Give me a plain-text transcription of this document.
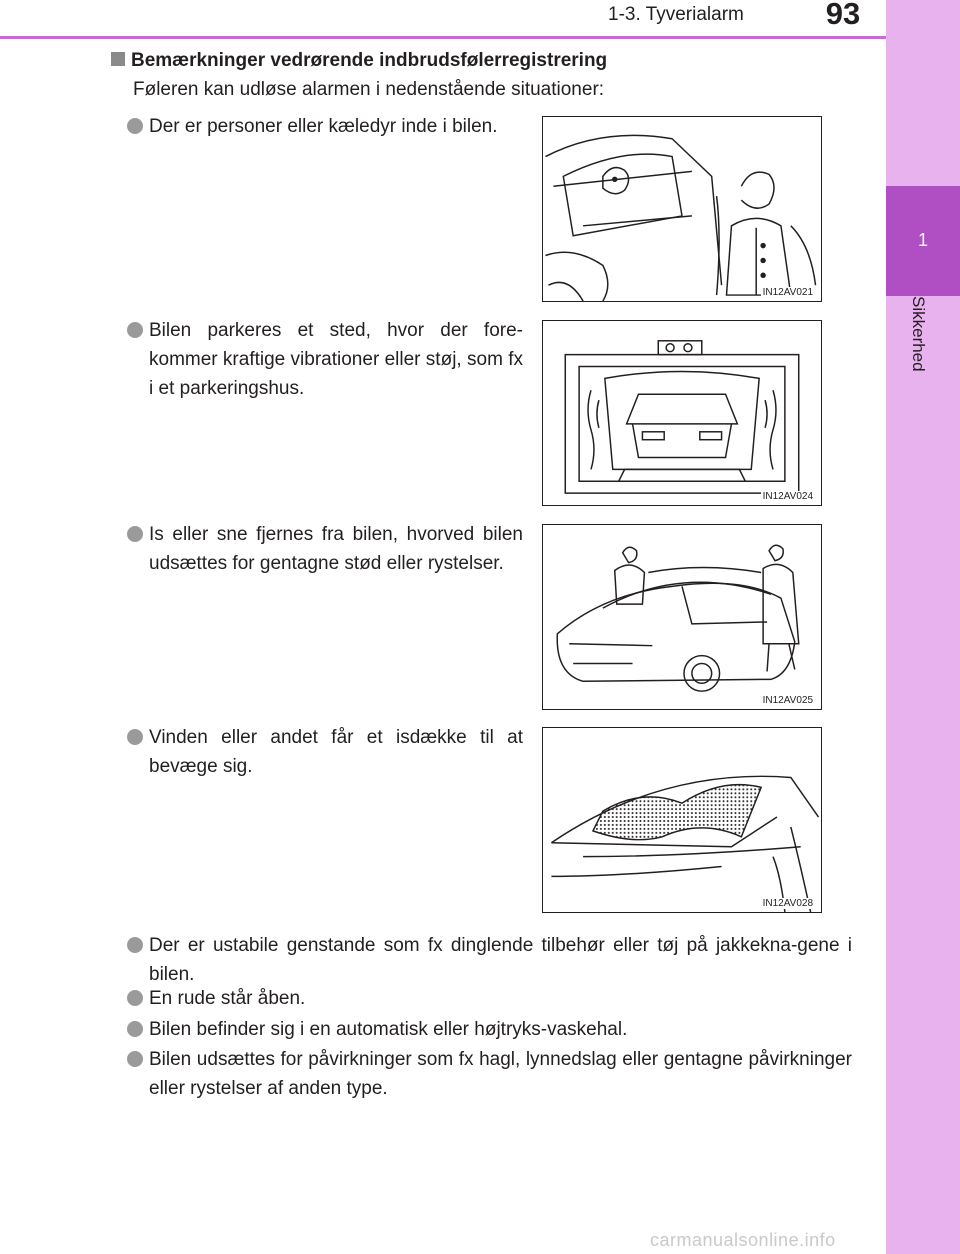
1-3. Tyverialarm	93
1
Sikkerhed
Bemærkninger vedrørende indbrudsfølerregistrering
Føleren kan udløse alarmen i nedenstående situationer:
Der er personer eller kæledyr inde i bilen.
IN12AV021
Bilen parkeres et sted, hvor der fore-kommer kraftige vibrationer eller støj, som fx i et parkeringshus.
IN12AV024
Is eller sne fjernes fra bilen, hvorved bilen udsættes for gentagne stød eller rystelser.
IN12AV025
Vinden eller andet får et isdække til at bevæge sig.
IN12AV028
Der er ustabile genstande som fx dinglende tilbehør eller tøj på jakkekna-gene i bilen.
En rude står åben.
Bilen befinder sig i en automatisk eller højtryks-vaskehal.
Bilen udsættes for påvirkninger som fx hagl, lynnedslag eller gentagne påvirkninger eller rystelser af anden type.
carmanualsonline.info
